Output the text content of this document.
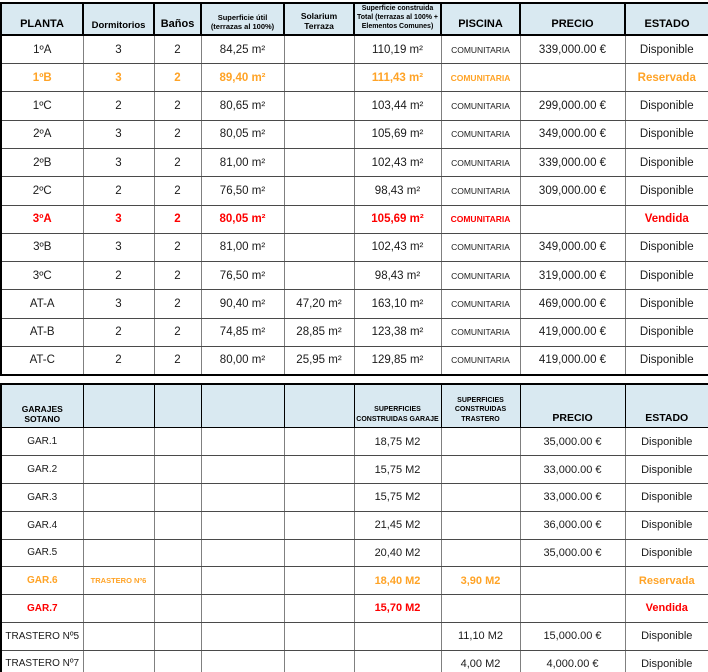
PLANTA	Dormitorios	Baños	Superficie útil (terrazas al 100%)	Solarium Terraza	Superficie construida Total (terrazas al 100% + Elementos Comunes)	PISCINA	PRECIO	ESTADO
1ºA	3	2	84,25 m²		110,19 m²	COMUNITARIA	339,000.00 €	Disponible
1ºB	3	2	89,40 m²		111,43 m²	COMUNITARIA		Reservada
1ºC	2	2	80,65 m²		103,44 m²	COMUNITARIA	299,000.00 €	Disponible
2ºA	3	2	80,05 m²		105,69 m²	COMUNITARIA	349,000.00 €	Disponible
2ºB	3	2	81,00 m²		102,43 m²	COMUNITARIA	339,000.00 €	Disponible
2ºC	2	2	76,50 m²		98,43 m²	COMUNITARIA	309,000.00 €	Disponible
3ºA	3	2	80,05 m²		105,69 m²	COMUNITARIA		Vendida
3ºB	3	2	81,00 m²		102,43 m²	COMUNITARIA	349,000.00 €	Disponible
3ºC	2	2	76,50 m²		98,43 m²	COMUNITARIA	319,000.00 €	Disponible
AT-A	3	2	90,40 m²	47,20 m²	163,10 m²	COMUNITARIA	469,000.00 €	Disponible
AT-B	2	2	74,85 m²	28,85 m²	123,38 m²	COMUNITARIA	419,000.00 €	Disponible
AT-C	2	2	80,00 m²	25,95 m²	129,85 m²	COMUNITARIA	419,000.00 €	Disponible
GARAJES SOTANO					SUPERFICIES CONSTRUIDAS GARAJE	SUPERFICIES CONSTRUIDAS TRASTERO	PRECIO	ESTADO
GAR.1					18,75 M2		35,000.00 €	Disponible
GAR.2					15,75 M2		33,000.00 €	Disponible
GAR.3					15,75 M2		33,000.00 €	Disponible
GAR.4					21,45 M2		36,000.00 €	Disponible
GAR.5					20,40 M2		35,000.00 €	Disponible
GAR.6	TRASTERO Nº6				18,40 M2	3,90 M2		Reservada
GAR.7					15,70 M2			Vendida
TRASTERO Nº5						11,10 M2	15,000.00 €	Disponible
TRASTERO Nº7						4,00 M2	4,000.00 €	Disponible
